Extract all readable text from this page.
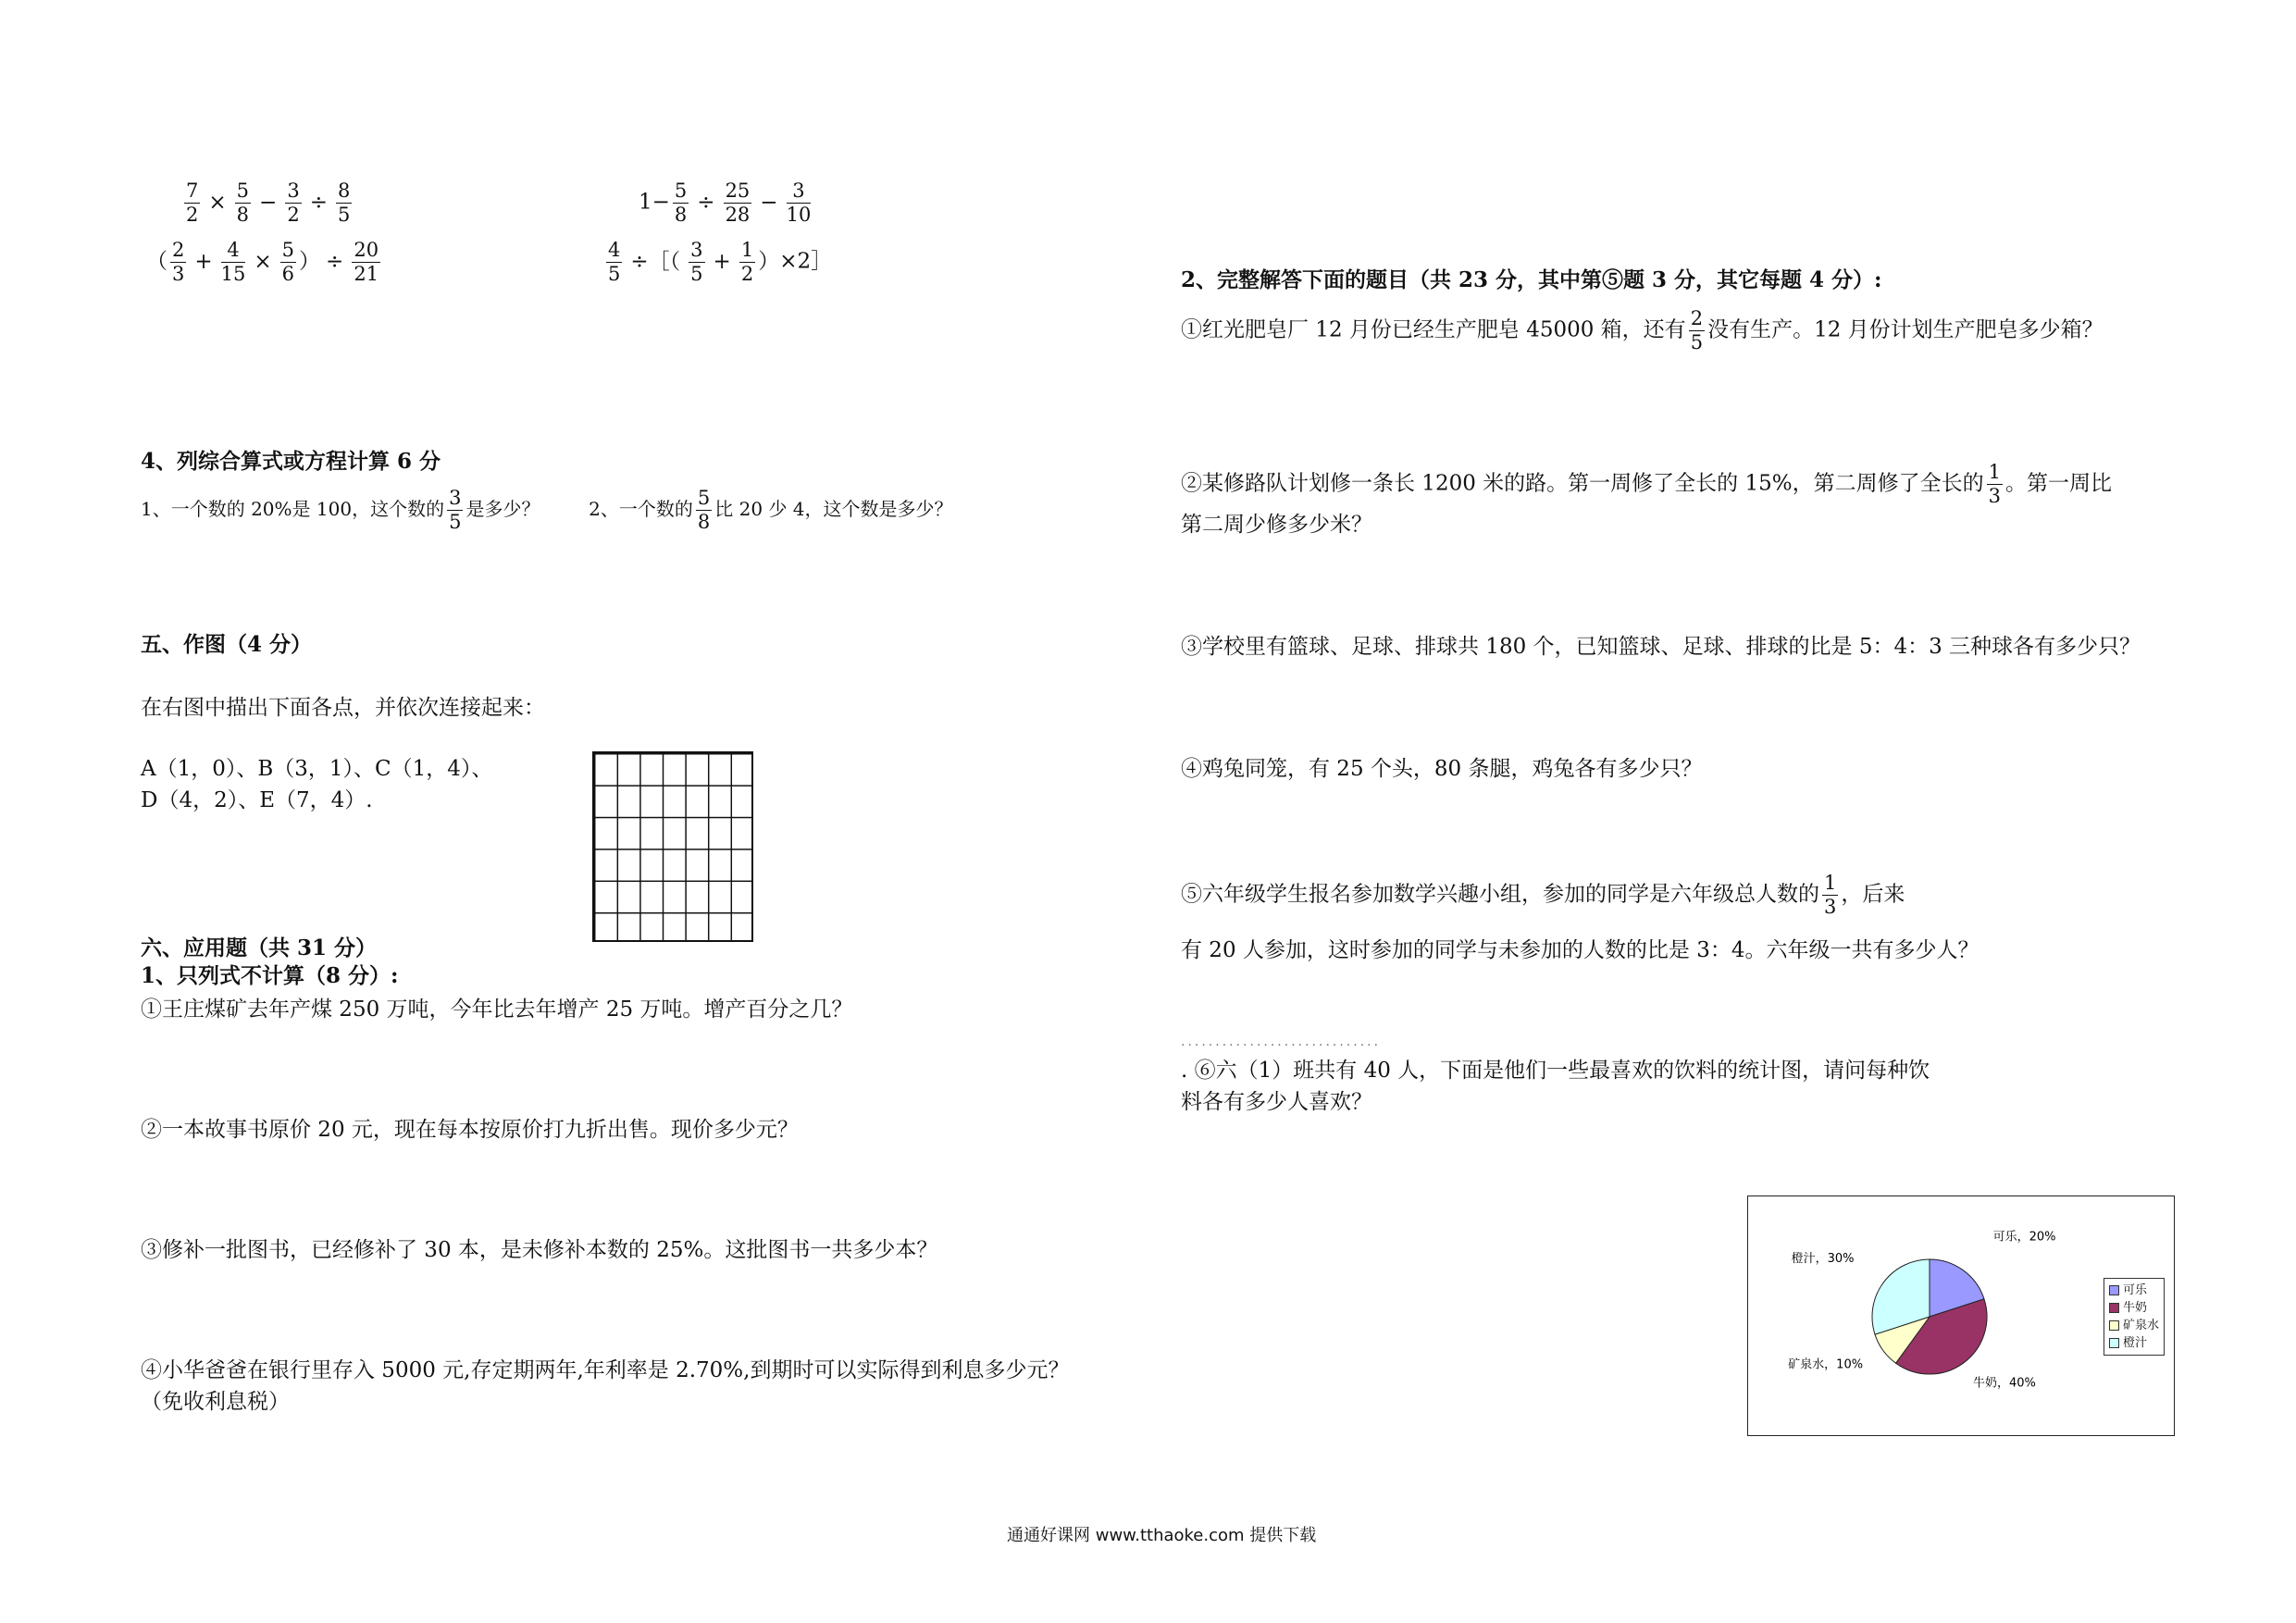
$\frac{7}{2} \times \frac{5}{8} - \frac{3}{2} \div \frac{8}{5}$	$1- \frac{5}{8} \div \frac{25}{28} - \frac{3}{10}$
（ $\frac{2}{3} + \frac{4}{15} \times \frac{5}{6}$ ） ÷ $\frac{20}{21}$	$\frac{4}{5}$ ÷［（ $\frac{3}{5} + \frac{1}{2}$ ）×2］
4、列综合算式或方程计算 6 分
1、一个数的 20%是 100，这个数的 $\frac{3}{5}$ 是多少？	2、一个数的 $\frac{5}{8}$ 比 20 少 4，这个数是多少？
五、作图（4 分）
在右图中描出下面各点，并依次连接起来：
A（1，0）、B（3，1）、C（1，4）、
D（4，2）、E（7，4）.
六、应用题（共 31 分）
1、只列式不计算（8 分）:
①王庄煤矿去年产煤 250 万吨，今年比去年增产 25 万吨。增产百分之几？
②一本故事书原价 20 元，现在每本按原价打九折出售。现价多少元？
③修补一批图书，已经修补了 30 本，是未修补本数的 25%。这批图书一共多少本？
④小华爸爸在银行里存入 5000 元,存定期两年,年利率是 2.70%,到期时可以实际得到利息多少元？
（免收利息税）
2、完整解答下面的题目（共 23 分，其中第⑤题 3 分，其它每题 4 分）:
①红光肥皂厂 12 月份已经生产肥皂 45000 箱，还有 $\frac{2}{5}$ 没有生产。12 月份计划生产肥皂多少箱？
②某修路队计划修一条长 1200 米的路。第一周修了全长的 15%，第二周修了全长的 $\frac{1}{3}$ 。第一周比
第二周少修多少米？
③学校里有篮球、足球、排球共 180 个，已知篮球、足球、排球的比是 5：4：3 三种球各有多少只？
④鸡兔同笼，有 25 个头，80 条腿，鸡兔各有多少只？
⑤六年级学生报名参加数学兴趣小组，参加的同学是六年级总人数的 $\frac{1}{3}$ ，后来
有 20 人参加，这时参加的同学与未参加的人数的比是 3：4。六年级一共有多少人？
·····························
. ⑥六（1）班共有 40 人，下面是他们一些最喜欢的饮料的统计图，请问每种饮
料各有多少人喜欢？
可乐，20%
牛奶，40%
矿泉水，10%
橙汁，30%
可乐
牛奶
矿泉水
橙汁
通通好课网 www.tthaoke.com 提供下载
